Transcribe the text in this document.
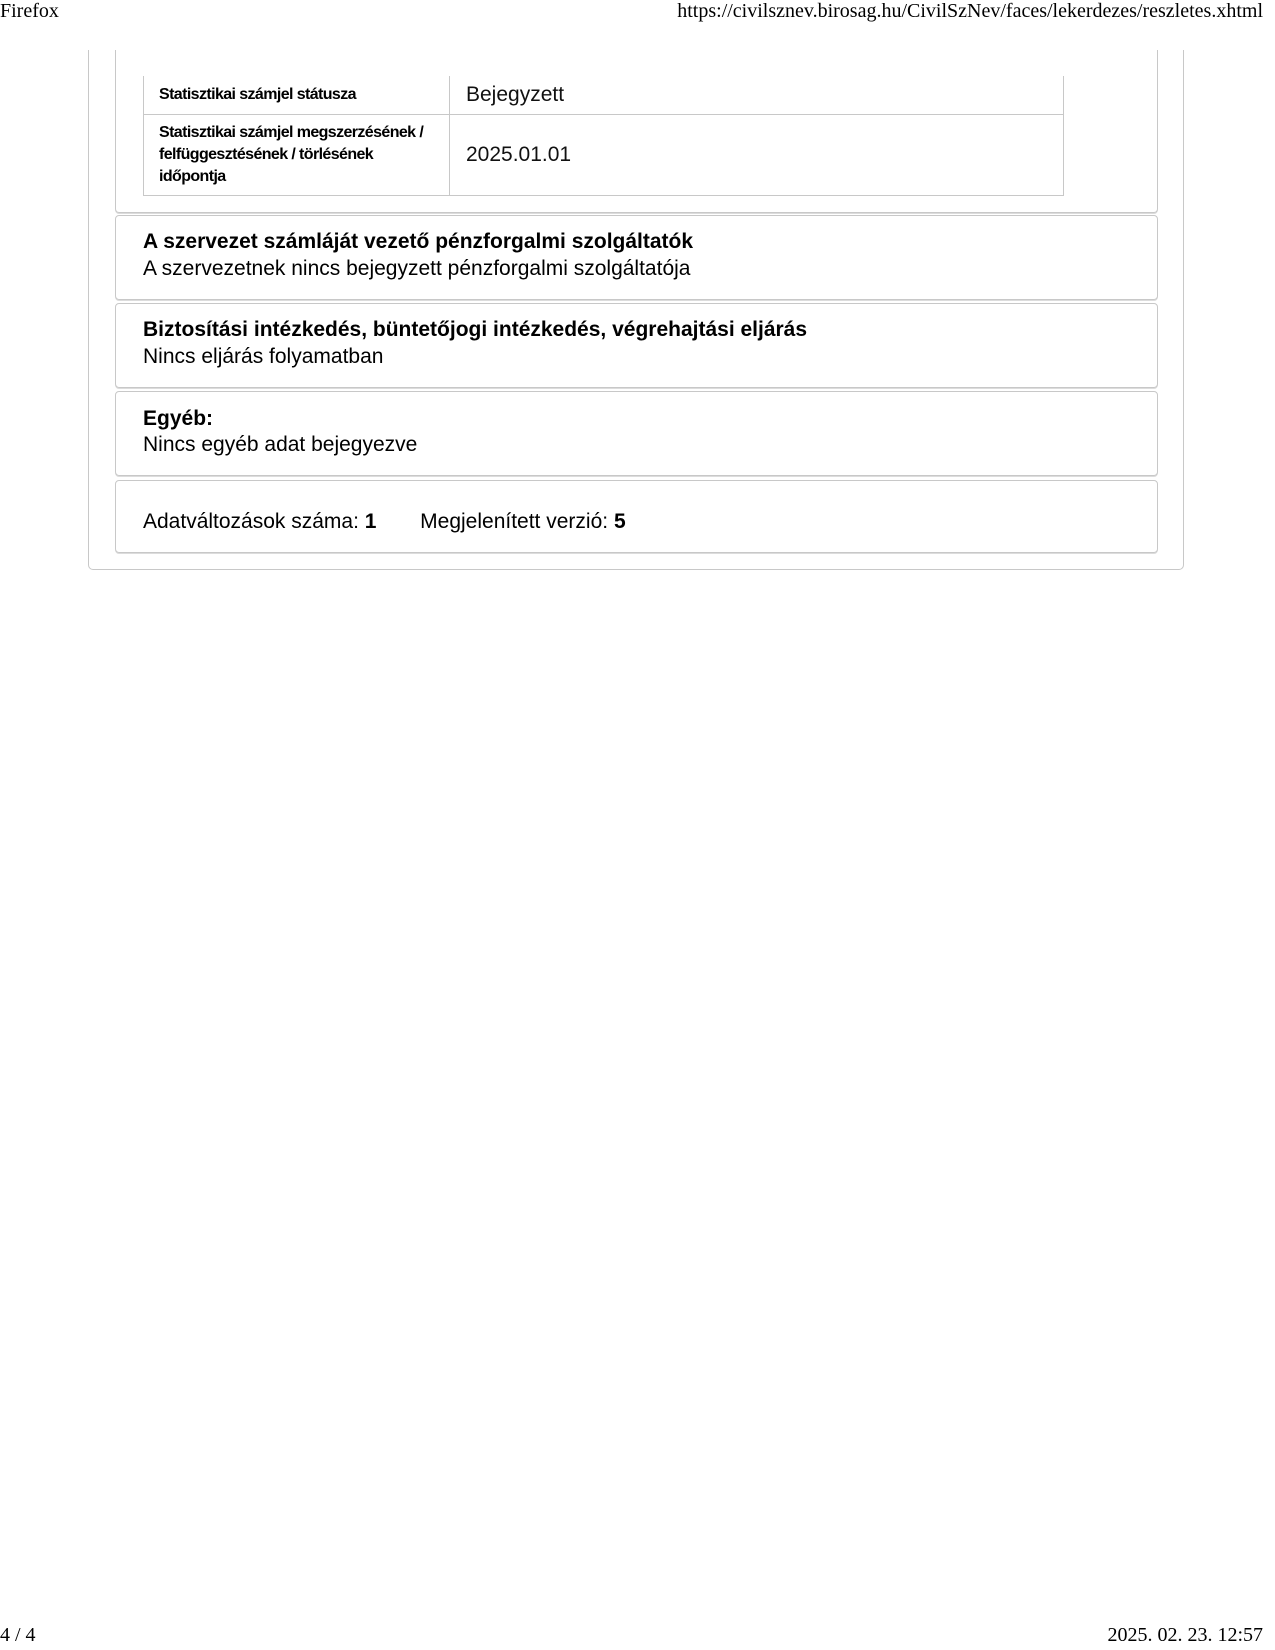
Firefox	https://civilsznev.birosag.hu/CivilSzNev/faces/lekerdezes/reszletes.xhtml
Statisztikai számjel státusza	Bejegyzett
Statisztikai számjel megszerzésének / felfüggesztésének / törlésének időpontja	2025.01.01
A szervezet számláját vezető pénzforgalmi szolgáltatók
A szervezetnek nincs bejegyzett pénzforgalmi szolgáltatója
Biztosítási intézkedés, büntetőjogi intézkedés, végrehajtási eljárás
Nincs eljárás folyamatban
Egyéb:
Nincs egyéb adat bejegyezve
Adatváltozások száma: 1 Megjelenített verzió: 5
4 / 4	2025. 02. 23. 12:57
